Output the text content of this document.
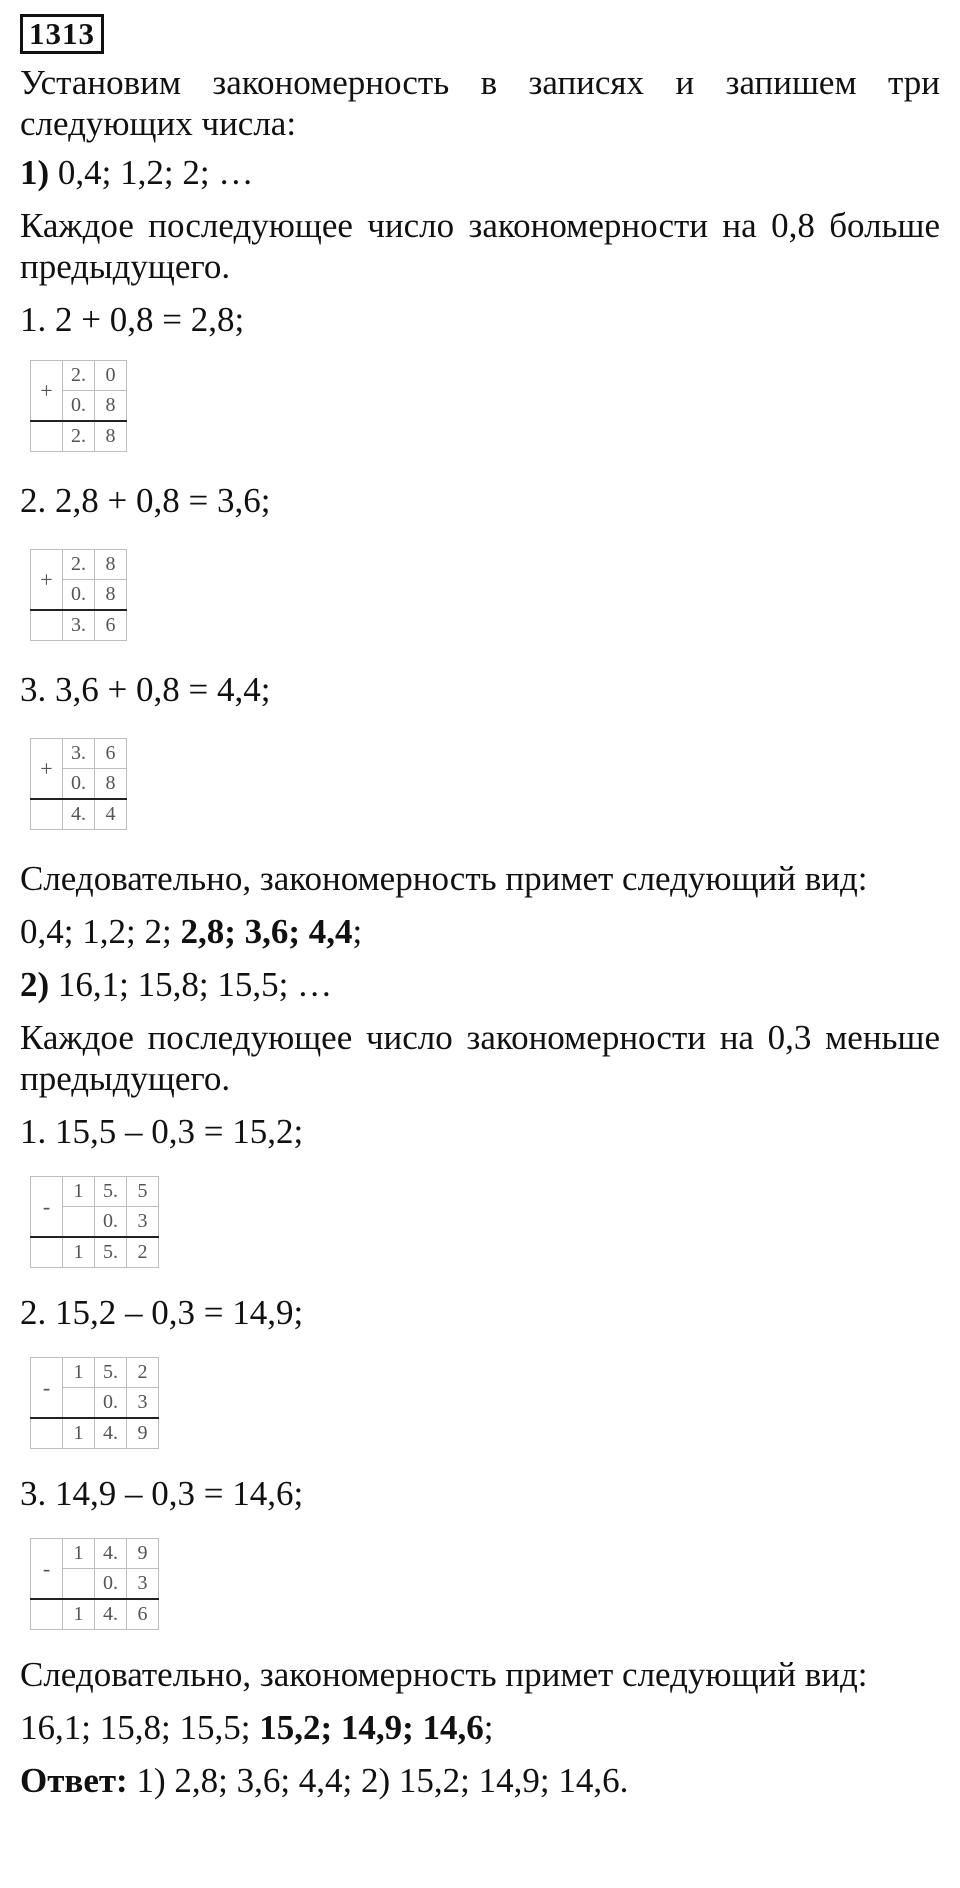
1313

Установим закономерность в записях и запишем три следующих числа:

1) 0,4; 1,2; 2; …

Каждое последующее число закономерности на 0,8 больше предыдущего.

1. 2 + 0,8 = 2,8;

+	2.	0
	0.	8
	2.	8

2. 2,8 + 0,8 = 3,6;

+	2.	8
	0.	8
	3.	6

3. 3,6 + 0,8 = 4,4;

+	3.	6
	0.	8
	4.	4

Следовательно, закономерность примет следующий вид:

0,4; 1,2; 2; 2,8; 3,6; 4,4;

2) 16,1; 15,8; 15,5; …

Каждое последующее число закономерности на 0,3 меньше предыдущего.

1. 15,5 – 0,3 = 15,2;

-	1	5.	5
		0.	3
	1	5.	2

2. 15,2 – 0,3 = 14,9;

-	1	5.	2
		0.	3
	1	4.	9

3. 14,9 – 0,3 = 14,6;

-	1	4.	9
		0.	3
	1	4.	6

Следовательно, закономерность примет следующий вид:

16,1; 15,8; 15,5; 15,2; 14,9; 14,6;

Ответ: 1) 2,8; 3,6; 4,4; 2) 15,2; 14,9; 14,6.
